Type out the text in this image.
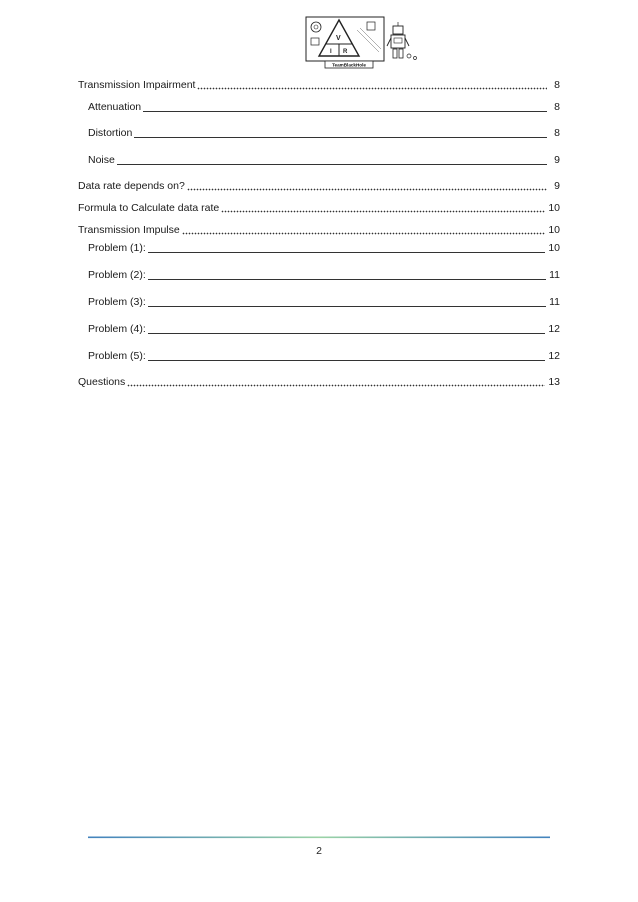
V
I R
TeamBlackHole
Transmission Impairment	8
Attenuation	8
Distortion	8
Noise	9
Data rate depends on?	9
Formula to Calculate data rate	10
Transmission Impulse	10
Problem (1):	10
Problem (2):	11
Problem (3):	11
Problem (4):	12
Problem (5):	12
Questions	13
2
